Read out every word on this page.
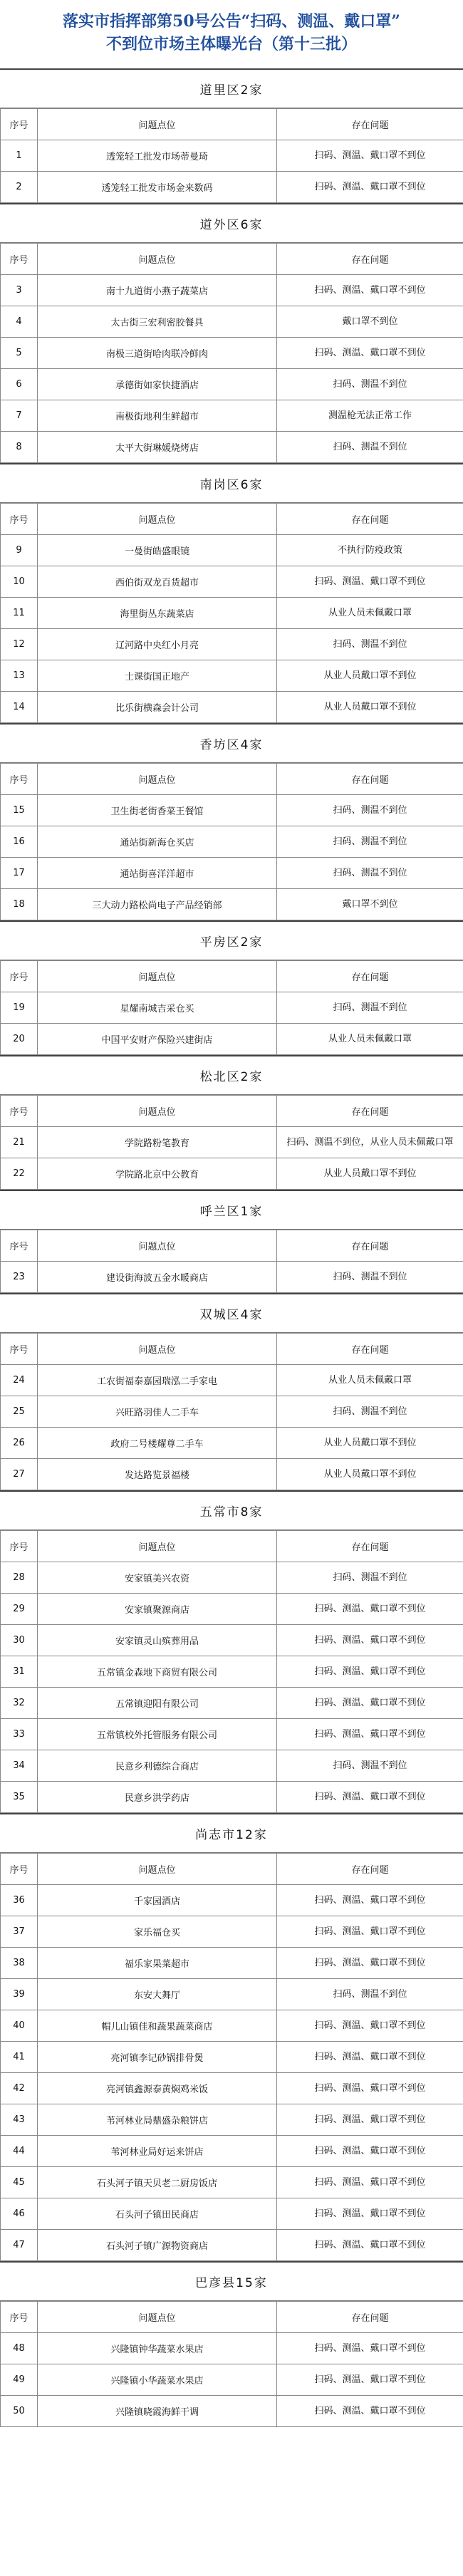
落实市指挥部第50号公告“扫码、测温、戴口罩”
不到位市场主体曝光台（第十三批）
道里区2家
序号	问题点位	存在问题
1	透笼轻工批发市场蒂曼琦	扫码、测温、戴口罩不到位
2	透笼轻工批发市场金来数码	扫码、测温、戴口罩不到位
道外区6家
序号	问题点位	存在问题
3	南十九道街小燕子蔬菜店	扫码、测温、戴口罩不到位
4	太古街三宏利密胶餐具	戴口罩不到位
5	南极三道街哈肉联冷鲜肉	扫码、测温、戴口罩不到位
6	承德街如家快捷酒店	扫码、测温不到位
7	南极街地利生鲜超市	测温枪无法正常工作
8	太平大街琳媛烧烤店	扫码、测温不到位
南岗区6家
序号	问题点位	存在问题
9	一曼街皓盛眼镜	不执行防疫政策
10	西伯街双龙百货超市	扫码、测温、戴口罩不到位
11	海里街丛东蔬菜店	从业人员未佩戴口罩
12	辽河路中央红小月亮	扫码、测温不到位
13	士课街国正地产	从业人员戴口罩不到位
14	比乐街横森会计公司	从业人员戴口罩不到位
香坊区4家
序号	问题点位	存在问题
15	卫生街老街香菜王餐馆	扫码、测温不到位
16	通站街新海仓买店	扫码、测温不到位
17	通站街喜洋洋超市	扫码、测温不到位
18	三大动力路松尚电子产品经销部	戴口罩不到位
平房区2家
序号	问题点位	存在问题
19	星耀南城吉采仓买	扫码、测温不到位
20	中国平安财产保险兴建街店	从业人员未佩戴口罩
松北区2家
序号	问题点位	存在问题
21	学院路粉笔教育	扫码、测温不到位，从业人员未佩戴口罩
22	学院路北京中公教育	从业人员戴口罩不到位
呼兰区1家
序号	问题点位	存在问题
23	建设街海波五金水暖商店	扫码、测温不到位
双城区4家
序号	问题点位	存在问题
24	工农街福泰嘉园瑞泓二手家电	从业人员未佩戴口罩
25	兴旺路羽佳人二手车	扫码、测温不到位
26	政府二号楼耀尊二手车	从业人员戴口罩不到位
27	发达路览景福楼	从业人员戴口罩不到位
五常市8家
序号	问题点位	存在问题
28	安家镇美兴农资	扫码、测温不到位
29	安家镇聚源商店	扫码、测温、戴口罩不到位
30	安家镇灵山殡葬用品	扫码、测温、戴口罩不到位
31	五常镇金森地下商贸有限公司	扫码、测温、戴口罩不到位
32	五常镇迎阳有限公司	扫码、测温、戴口罩不到位
33	五常镇校外托管服务有限公司	扫码、测温、戴口罩不到位
34	民意乡利德综合商店	扫码、测温不到位
35	民意乡洪学药店	扫码、测温、戴口罩不到位
尚志市12家
序号	问题点位	存在问题
36	千家园酒店	扫码、测温、戴口罩不到位
37	家乐福仓买	扫码、测温、戴口罩不到位
38	福乐家果菜超市	扫码、测温、戴口罩不到位
39	东安大舞厅	扫码、测温不到位
40	帽儿山镇佳和蔬果蔬菜商店	扫码、测温、戴口罩不到位
41	亮河镇李记砂锅排骨煲	扫码、测温、戴口罩不到位
42	亮河镇鑫源泰黄焖鸡米饭	扫码、测温、戴口罩不到位
43	苇河林业局鼎盛杂粮饼店	扫码、测温、戴口罩不到位
44	苇河林业局好运来饼店	扫码、测温、戴口罩不到位
45	石头河子镇天贝老二厨房饭店	扫码、测温、戴口罩不到位
46	石头河子镇田民商店	扫码、测温、戴口罩不到位
47	石头河子镇广源物资商店	扫码、测温、戴口罩不到位
巴彦县15家
序号	问题点位	存在问题
48	兴隆镇钟华蔬菜水果店	扫码、测温、戴口罩不到位
49	兴隆镇小华蔬菜水果店	扫码、测温、戴口罩不到位
50	兴隆镇晓霞海鲜干调	扫码、测温、戴口罩不到位
